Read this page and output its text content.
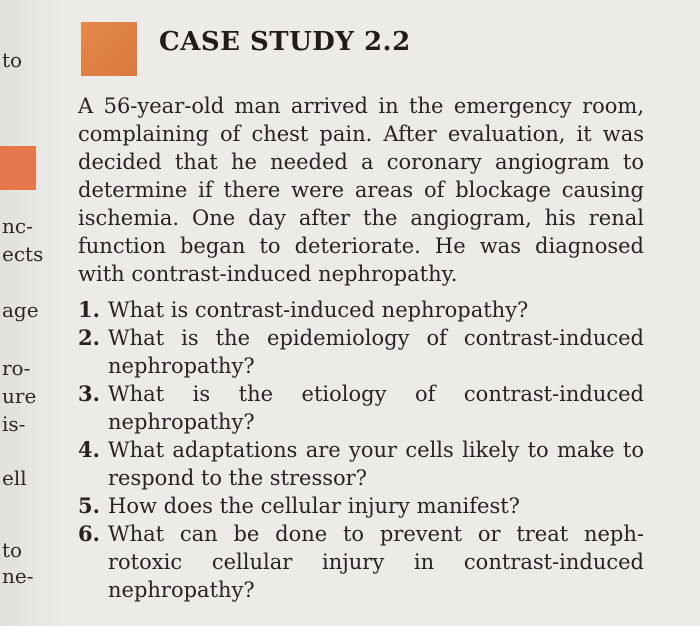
to
nc-
ects
age
ro-
ure
is-
ell
to
ne-
CASE STUDY 2.2
A 56-year-old man arrived in the emergency room,
complaining of chest pain. After evaluation, it was
decided that he needed a coronary angiogram to
determine if there were areas of blockage causing
ischemia. One day after the angiogram, his renal
function began to deteriorate. He was diagnosed
with contrast-induced nephropathy.
1. What is contrast-induced nephropathy?
2. What is the epidemiology of contrast-induced
nephropathy?
3. What is the etiology of contrast-induced
nephropathy?
4. What adaptations are your cells likely to make to
respond to the stressor?
5. How does the cellular injury manifest?
6. What can be done to prevent or treat neph-
rotoxic cellular injury in contrast-induced
nephropathy?
